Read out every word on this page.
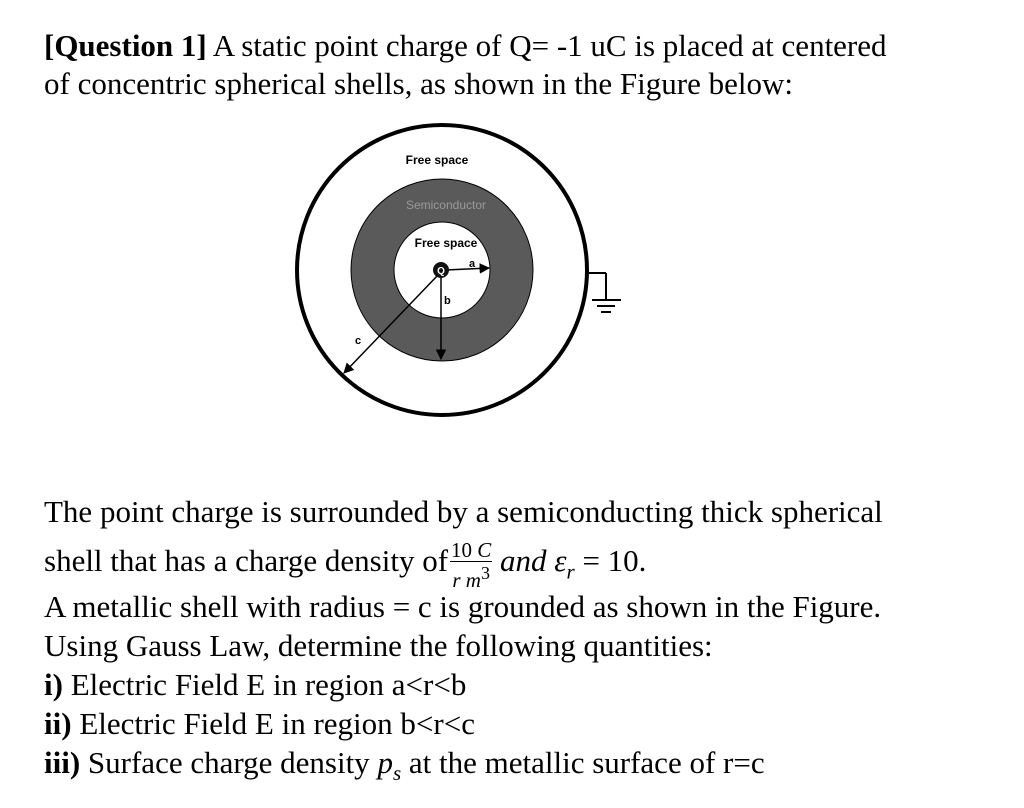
[Question 1] A static point charge of Q= -1 uC is placed at centered
of concentric spherical shells, as shown in the Figure below:
Q
Free space
Semiconductor
Free space
a
b
c
The point charge is surrounded by a semiconducting thick spherical
shell that has a charge density of $\frac{10 C}{r m^3}$ and $\varepsilon_r = 10$.
A metallic shell with radius = c is grounded as shown in the Figure.
Using Gauss Law, determine the following quantities:
i) Electric Field E in region a<r<b
ii) Electric Field E in region b<r<c
iii) Surface charge density $p_s$ at the metallic surface of r=c
